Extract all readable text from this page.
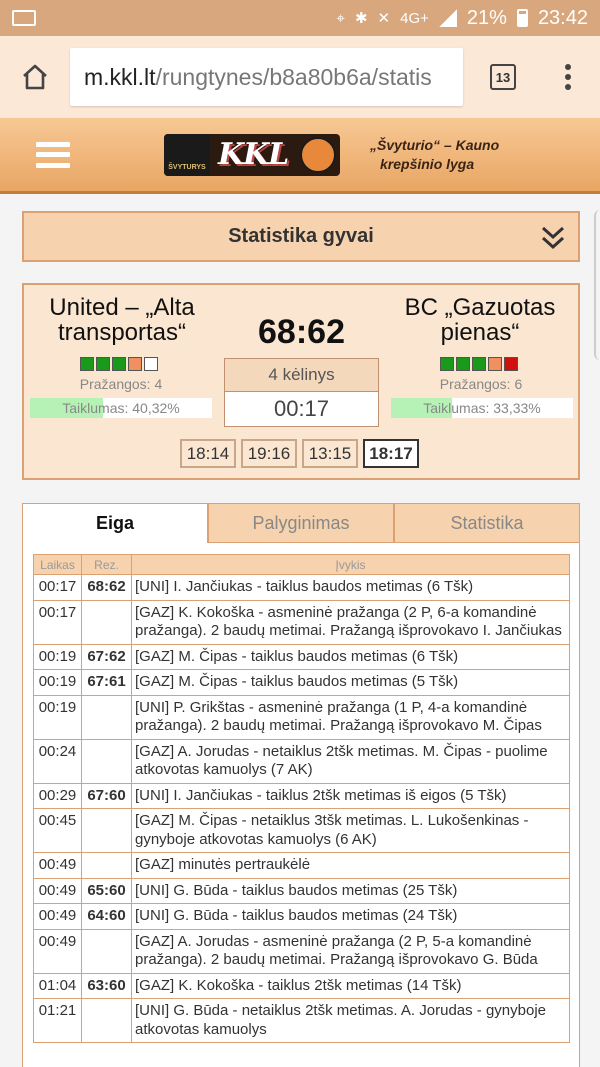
⌖ ✱ ✕ 4G+ 21% 23:42
m.kkl.lt /rungtynes/b8a80b6a/statis	13
ŠVYTURYS KKL	„Švyturio“ – Kauno
krepšinio lyga
Statistika gyvai
United – „Alta transportas“
BC „Gazuotas pienas“
Pražangos: 4	Pražangos: 6
Taiklumas: 40,32%	Taiklumas: 33,33%
68:62
4 kėlinys
00:17
18:14	19:16	13:15	18:17
Eiga	Palyginimas	Statistika
Laikas	Rez.	Įvykis
00:17	68:62	[UNI] I. Jančiukas - taiklus baudos metimas (6 Tšk)
00:17		[GAZ] K. Kokoška - asmeninė pražanga (2 P, 6-a komandinė pražanga). 2 baudų metimai. Pražangą išprovokavo I. Jančiukas
00:19	67:62	[GAZ] M. Čipas - taiklus baudos metimas (6 Tšk)
00:19	67:61	[GAZ] M. Čipas - taiklus baudos metimas (5 Tšk)
00:19		[UNI] P. Grikštas - asmeninė pražanga (1 P, 4-a komandinė pražanga). 2 baudų metimai. Pražangą išprovokavo M. Čipas
00:24		[GAZ] A. Jorudas - netaiklus 2tšk metimas. M. Čipas - puolime atkovotas kamuolys (7 AK)
00:29	67:60	[UNI] I. Jančiukas - taiklus 2tšk metimas iš eigos (5 Tšk)
00:45		[GAZ] M. Čipas - netaiklus 3tšk metimas. L. Lukošenkinas - gynyboje atkovotas kamuolys (6 AK)
00:49		[GAZ] minutės pertraukėlė
00:49	65:60	[UNI] G. Būda - taiklus baudos metimas (25 Tšk)
00:49	64:60	[UNI] G. Būda - taiklus baudos metimas (24 Tšk)
00:49		[GAZ] A. Jorudas - asmeninė pražanga (2 P, 5-a komandinė pražanga). 2 baudų metimai. Pražangą išprovokavo G. Būda
01:04	63:60	[GAZ] K. Kokoška - taiklus 2tšk metimas (14 Tšk)
01:21		[UNI] G. Būda - netaiklus 2tšk metimas. A. Jorudas - gynyboje atkovotas kamuolys
